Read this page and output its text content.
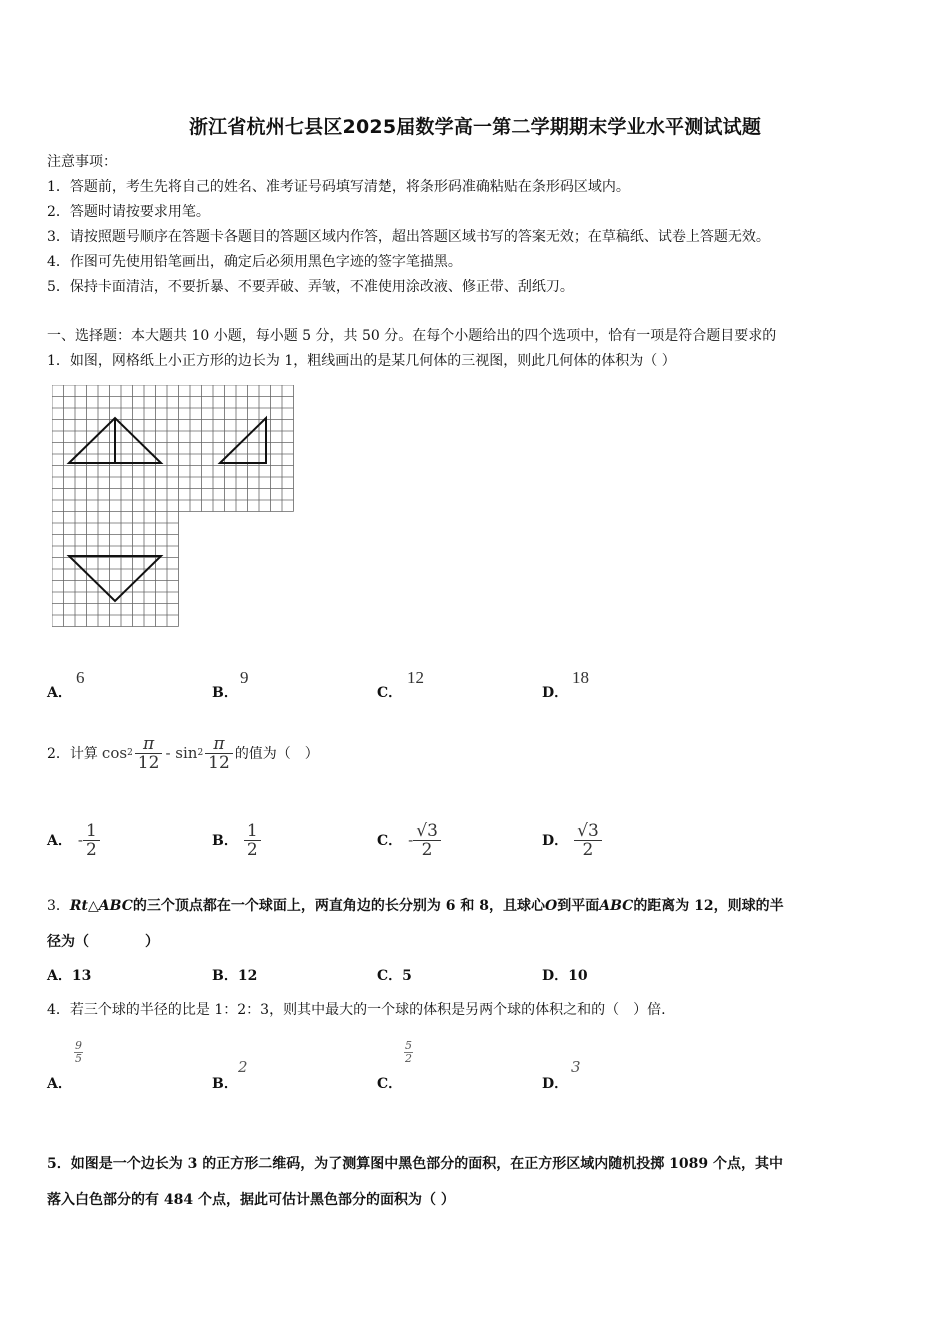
浙江省杭州七县区2025届数学高一第二学期期末学业水平测试试题
注意事项：
1．答题前，考生先将自己的姓名、准考证号码填写清楚，将条形码准确粘贴在条形码区域内。
2．答题时请按要求用笔。
3．请按照题号顺序在答题卡各题目的答题区域内作答，超出答题区域书写的答案无效；在草稿纸、试卷上答题无效。
4．作图可先使用铅笔画出，确定后必须用黑色字迹的签字笔描黑。
5．保持卡面清洁，不要折暴、不要弄破、弄皱，不准使用涂改液、修正带、刮纸刀。
一、选择题：本大题共 10 小题，每小题 5 分，共 50 分。在每个小题给出的四个选项中，恰有一项是符合题目要求的
1．如图，网格纸上小正方形的边长为 1，粗线画出的是某几何体的三视图，则此几何体的体积为（ ）
A．
6
B．
9
C．
12
D．
18
2．计算 $\cos 2 \frac{\pi}{12}$ - $\sin 2 \frac{\pi}{12}$ 的值为（　）
A． - $\frac{1}{2}$	B． $\frac{1}{2}$	C． - $\frac{√3}{2}$	D． $\frac{√3}{2}$
3．Rt△ABC的三个顶点都在一个球面上，两直角边的长分别为 6 和 8，且球心O到平面ABC的距离为 12，则球的半
径为（　　　　）
A．13	B．12	C．5	D．10
4．若三个球的半径的比是 1：2：3，则其中最大的一个球的体积是另两个球的体积之和的（　）倍.
A．
9
5
B．
2
C．
5
2
D．
3
5．如图是一个边长为 3 的正方形二维码，为了测算图中黑色部分的面积，在正方形区域内随机投掷 1089 个点，其中
落入白色部分的有 484 个点，据此可估计黑色部分的面积为（ ）
